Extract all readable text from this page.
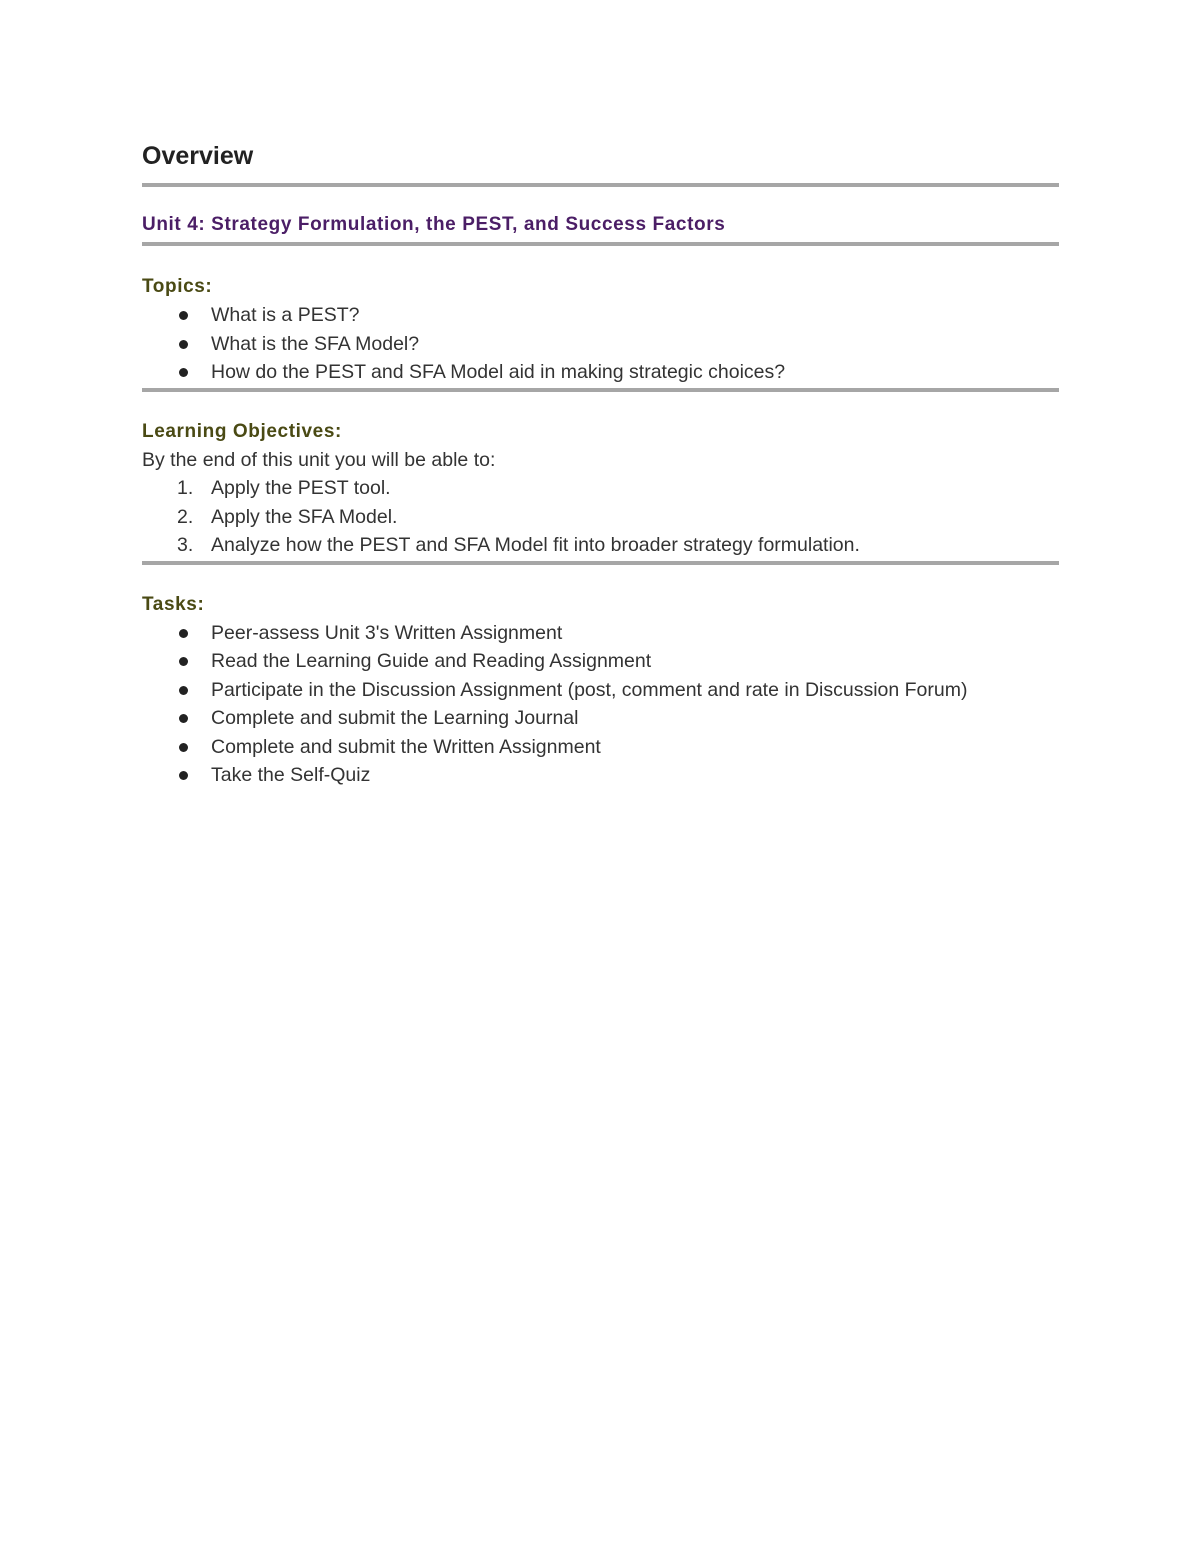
Overview
Unit 4: Strategy Formulation, the PEST, and Success Factors
Topics:
What is a PEST?
What is the SFA Model?
How do the PEST and SFA Model aid in making strategic choices?
Learning Objectives:
By the end of this unit you will be able to:
1. Apply the PEST tool.
2. Apply the SFA Model.
3. Analyze how the PEST and SFA Model fit into broader strategy formulation.
Tasks:
Peer-assess Unit 3's Written Assignment
Read the Learning Guide and Reading Assignment
Participate in the Discussion Assignment (post, comment and rate in Discussion Forum)
Complete and submit the Learning Journal
Complete and submit the Written Assignment
Take the Self-Quiz
